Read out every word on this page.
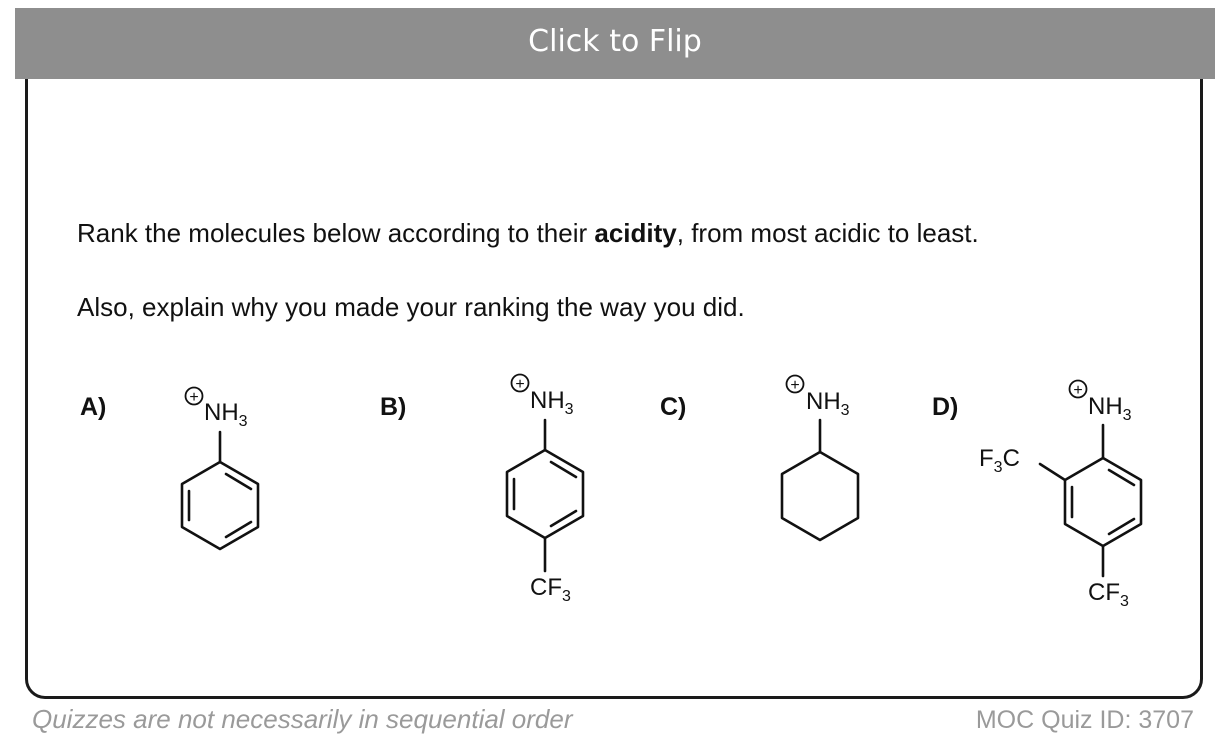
Click to Flip

Rank the molecules below according to their acidity, from most acidic to least.

Also, explain why you made your ranking the way you did.

A)	B)	C)	D)
+
+	+	+
$NH_3$
$NH_3$	$NH_3$	$NH_3$
$CF_3$	$CF_3$
$F_3C$
Quizzes are not necessarily in sequential order	MOC Quiz ID: 3707
